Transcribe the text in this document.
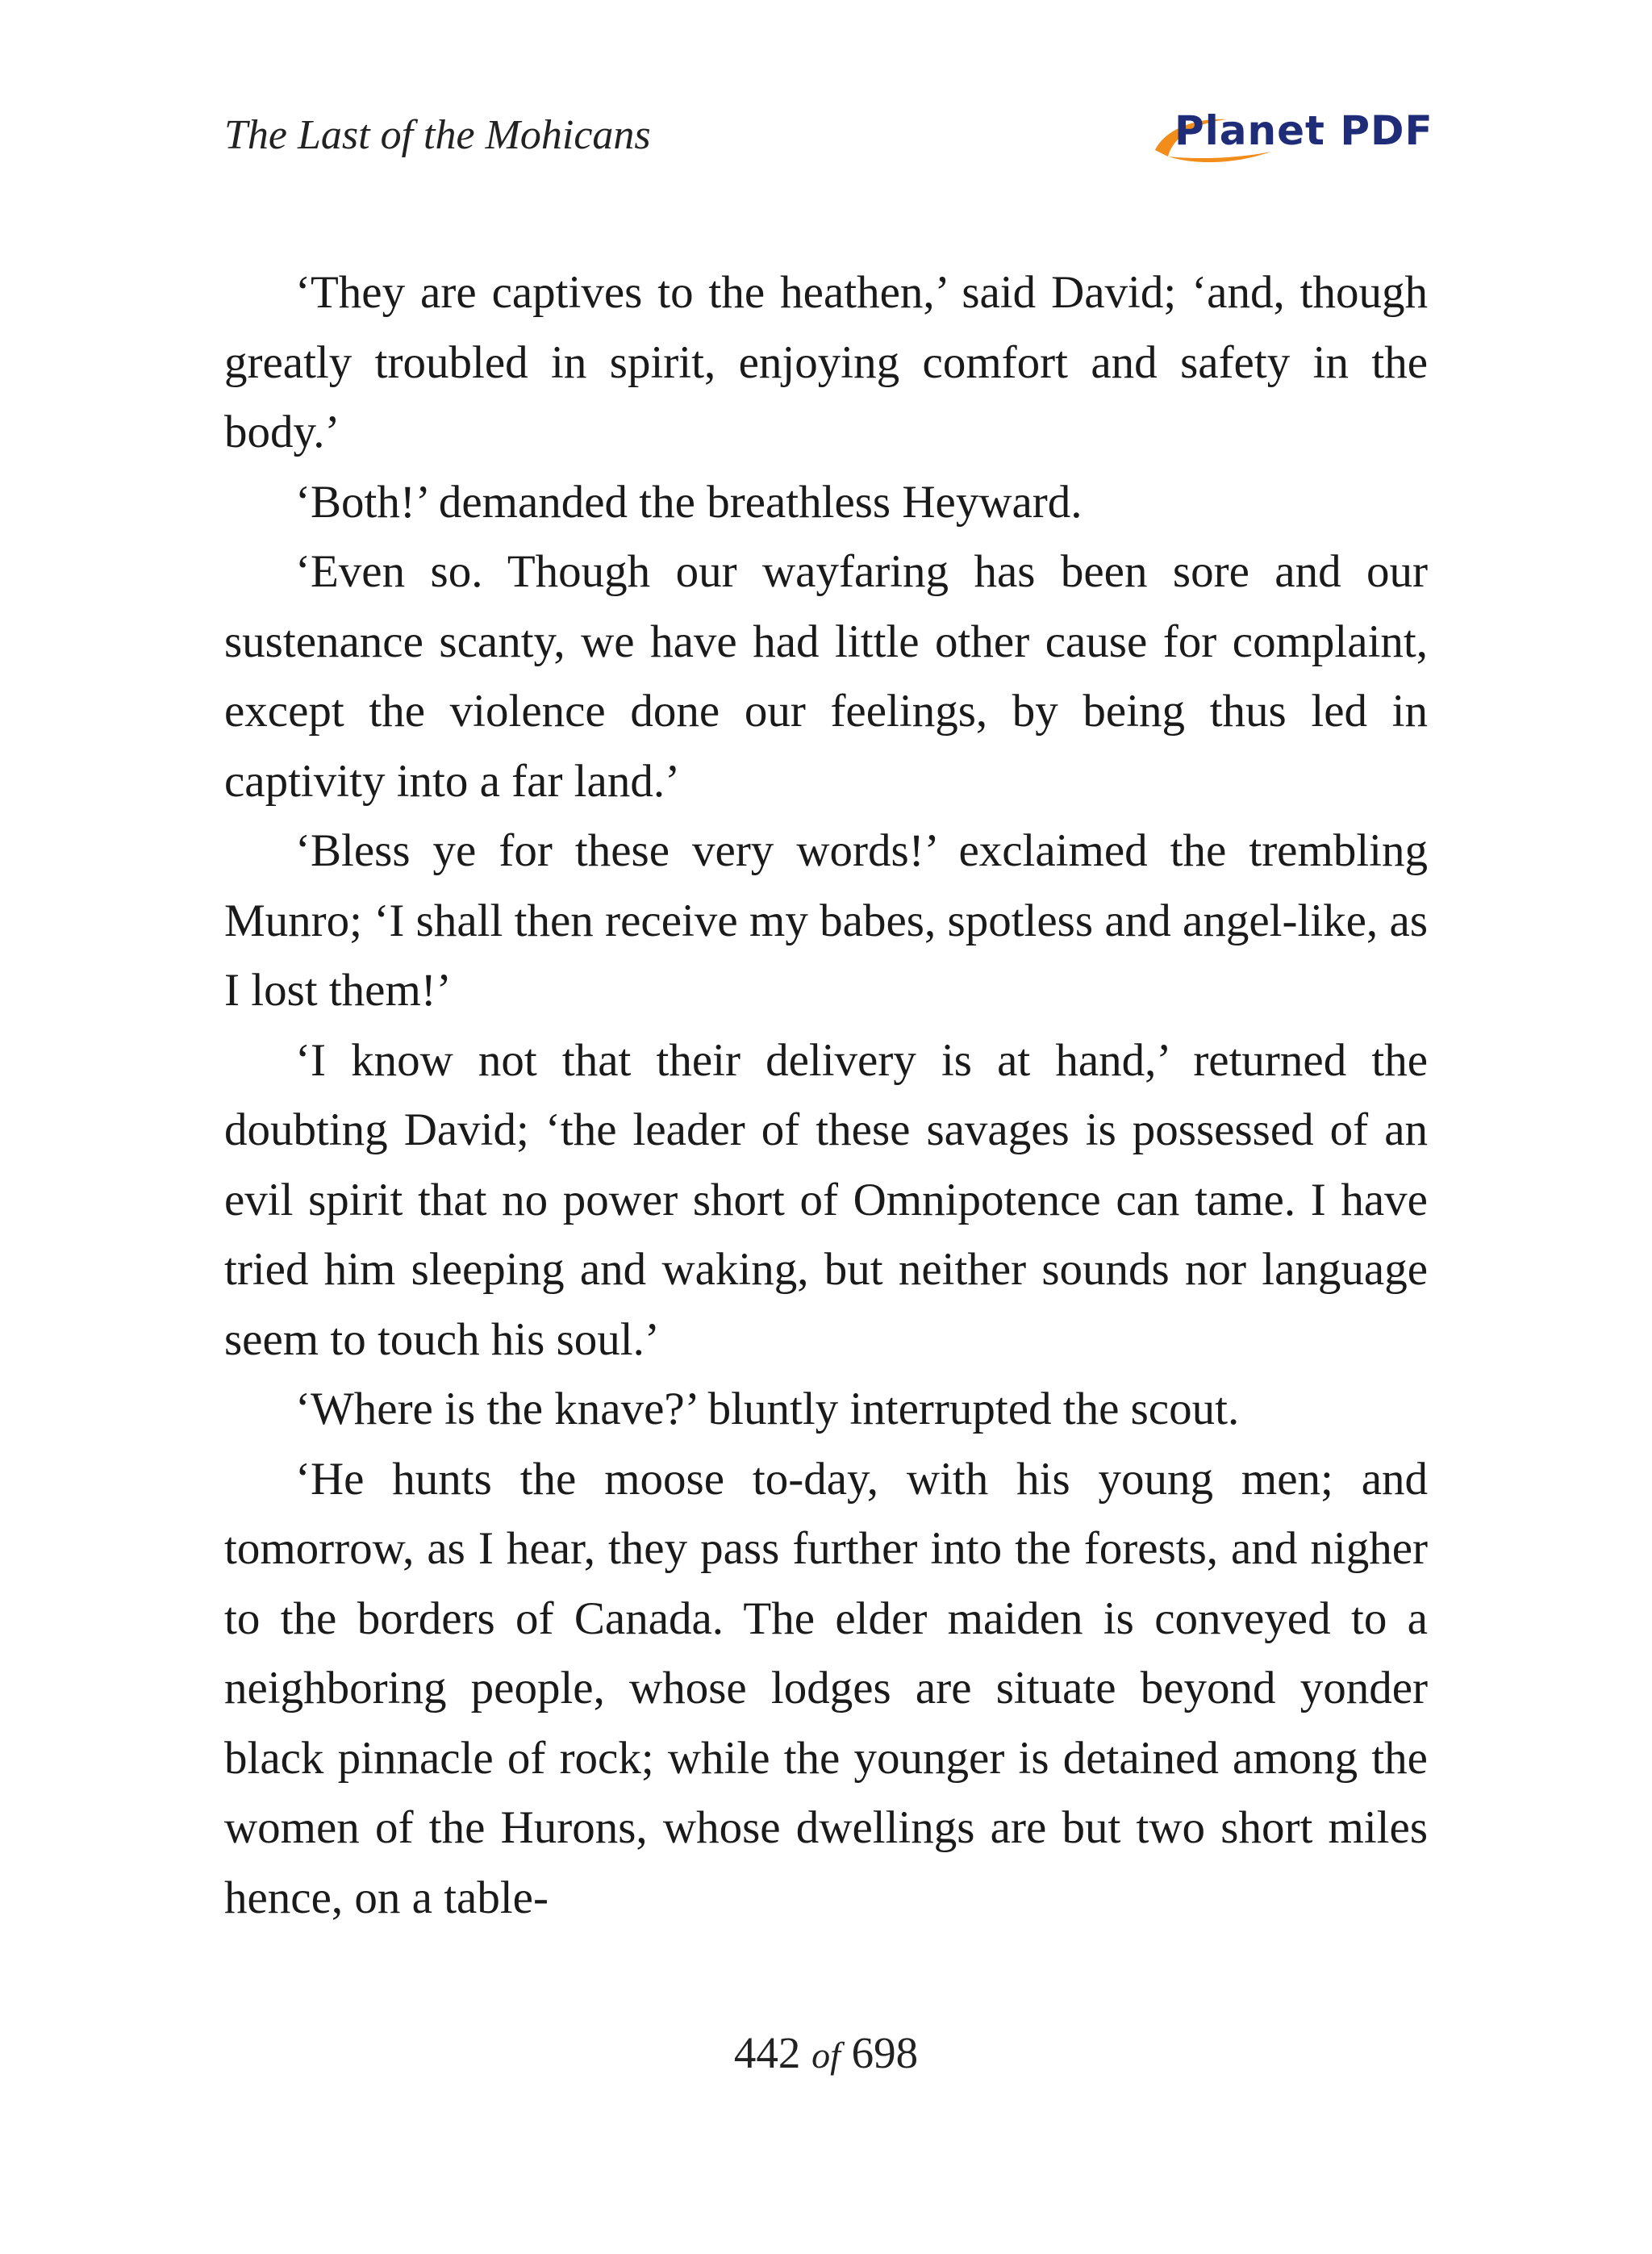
The Last of the Mohicans	Planet PDF

‘They are captives to the heathen,’ said David; ‘and, though greatly troubled in spirit, enjoying comfort and safety in the body.’

‘Both!’ demanded the breathless Heyward.

‘Even so. Though our wayfaring has been sore and our sustenance scanty, we have had little other cause for complaint, except the violence done our feelings, by being thus led in captivity into a far land.’

‘Bless ye for these very words!’ exclaimed the trembling Munro; ‘I shall then receive my babes, spotless and angel-like, as I lost them!’

‘I know not that their delivery is at hand,’ returned the doubting David; ‘the leader of these savages is possessed of an evil spirit that no power short of Omnipotence can tame. I have tried him sleeping and waking, but neither sounds nor language seem to touch his soul.’

‘Where is the knave?’ bluntly interrupted the scout.

‘He hunts the moose to-day, with his young men; and tomorrow, as I hear, they pass further into the forests, and nigher to the borders of Canada. The elder maiden is conveyed to a neighboring people, whose lodges are situate beyond yonder black pinnacle of rock; while the younger is detained among the women of the Hurons, whose dwellings are but two short miles hence, on a table-

442 of 698
